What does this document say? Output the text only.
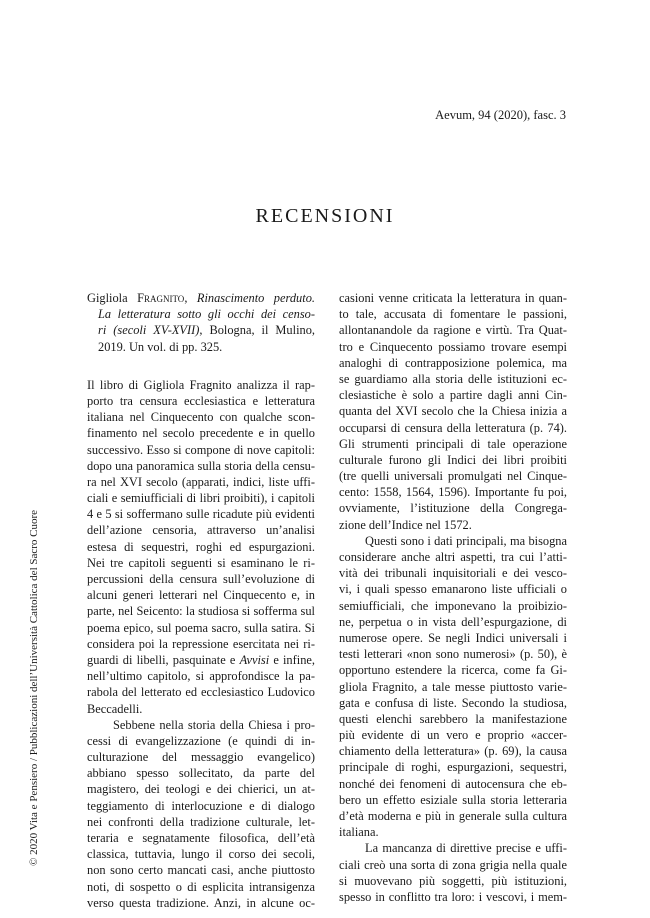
Aevum, 94 (2020), fasc. 3
RECENSIONI
© 2020 Vita e Pensiero / Pubblicazioni dell’Università Cattolica del Sacro Cuore
Gigliola Fragnito, Rinascimento perduto.
La letteratura sotto gli occhi dei censo-
ri (secoli XV-XVII), Bologna, il Mulino,
2019. Un vol. di pp. 325.
Il libro di Gigliola Fragnito analizza il rap-
porto tra censura ecclesiastica e letteratura
italiana nel Cinquecento con qualche scon-
finamento nel secolo precedente e in quello
successivo. Esso si compone di nove capitoli:
dopo una panoramica sulla storia della censu-
ra nel XVI secolo (apparati, indici, liste uffi-
ciali e semiufficiali di libri proibiti), i capitoli
4 e 5 si soffermano sulle ricadute più evidenti
dell’azione censoria, attraverso un’analisi
estesa di sequestri, roghi ed espurgazioni.
Nei tre capitoli seguenti si esaminano le ri-
percussioni della censura sull’evoluzione di
alcuni generi letterari nel Cinquecento e, in
parte, nel Seicento: la studiosa si sofferma sul
poema epico, sul poema sacro, sulla satira. Si
considera poi la repressione esercitata nei ri-
guardi di libelli, pasquinate e Avvisi e infine,
nell’ultimo capitolo, si approfondisce la pa-
rabola del letterato ed ecclesiastico Ludovico
Beccadelli.
Sebbene nella storia della Chiesa i pro-
cessi di evangelizzazione (e quindi di in-
culturazione del messaggio evangelico)
abbiano spesso sollecitato, da parte del
magistero, dei teologi e dei chierici, un at-
teggiamento di interlocuzione e di dialogo
nei confronti della tradizione culturale, let-
teraria e segnatamente filosofica, dell’età
classica, tuttavia, lungo il corso dei secoli,
non sono certo mancati casi, anche piuttosto
noti, di sospetto o di esplicita intransigenza
verso questa tradizione. Anzi, in alcune oc-
casioni venne criticata la letteratura in quan-
to tale, accusata di fomentare le passioni,
allontanandole da ragione e virtù. Tra Quat-
tro e Cinquecento possiamo trovare esempi
analoghi di contrapposizione polemica, ma
se guardiamo alla storia delle istituzioni ec-
clesiastiche è solo a partire dagli anni Cin-
quanta del XVI secolo che la Chiesa inizia a
occuparsi di censura della letteratura (p. 74).
Gli strumenti principali di tale operazione
culturale furono gli Indici dei libri proibiti
(tre quelli universali promulgati nel Cinque-
cento: 1558, 1564, 1596). Importante fu poi,
ovviamente, l’istituzione della Congrega-
zione dell’Indice nel 1572.
Questi sono i dati principali, ma bisogna
considerare anche altri aspetti, tra cui l’atti-
vità dei tribunali inquisitoriali e dei vesco-
vi, i quali spesso emanarono liste ufficiali o
semiufficiali, che imponevano la proibizio-
ne, perpetua o in vista dell’espurgazione, di
numerose opere. Se negli Indici universali i
testi letterari «non sono numerosi» (p. 50), è
opportuno estendere la ricerca, come fa Gi-
gliola Fragnito, a tale messe piuttosto varie-
gata e confusa di liste. Secondo la studiosa,
questi elenchi sarebbero la manifestazione
più evidente di un vero e proprio «accer-
chiamento della letteratura» (p. 69), la causa
principale di roghi, espurgazioni, sequestri,
nonché dei fenomeni di autocensura che eb-
bero un effetto esiziale sulla storia letteraria
d’età moderna e più in generale sulla cultura
italiana.
La mancanza di direttive precise e uffi-
ciali creò una sorta di zona grigia nella quale
si muovevano più soggetti, più istituzioni,
spesso in conflitto tra loro: i vescovi, i mem-
